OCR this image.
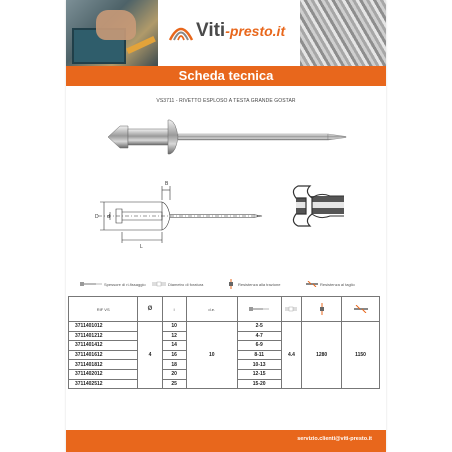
Viti-presto.it
Scheda tecnica
VS3711 - RIVETTO ESPLOSO A TESTA GRANDE GOSTAR
B
d
D
L
Spessore di ri-fissaggio	Diametro di foratura	Resistenza alla trazione	Resistenza al taglio
RIF VS	Ø	l	d.e.				
3711401012	4	10	10	2-5	4.4	1280	1150
3711401212		12		4-7			
3711401412		14		6-9			
3711401612		16		8-11			
3711401812		18		10-13			
3711402012		20		12-15			
3711402512		25		15-20			
servizio.clienti@viti-presto.it
